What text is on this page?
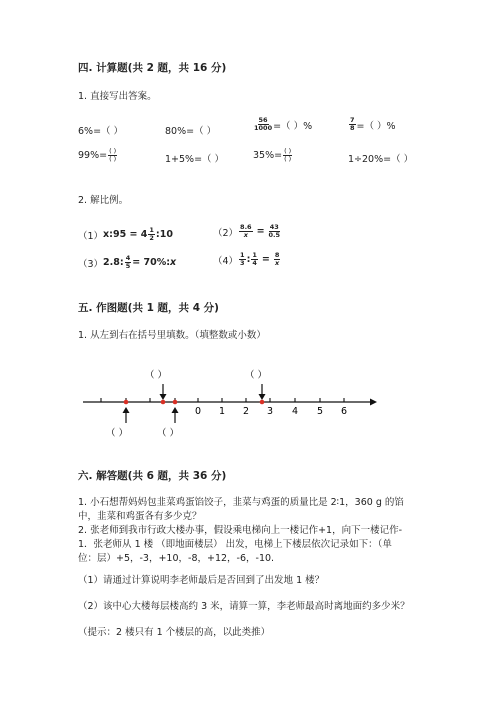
四. 计算题(共 2 题，共 16 分)
1. 直接写出答案。
6%=（ ）	80%=（ ）	$\frac{56}{1000}$ =（ ）%	$\frac{7}{8}$ =（ ）%
$99\%= \frac{( )}{( )}$	1+5%=（ ）	$35\%= \frac{( )}{( )}$	1÷20%=（ ）
2. 解比例。
（1） x:95 = $4 \frac{1}{2}$ :10	$(2) \frac{8.6}{x} = \frac{43}{0.5}$
（3） 2.8: $\frac{4}{5} = 70\%$: x	$(4) \frac{1}{3}$ : $\frac{1}{4} = \frac{8}{x}$
五. 作图题(共 1 题，共 4 分)
1. 从左到右在括号里填数。（填整数或小数）
（ ）	（ ）
（ ）	（ ）
0 1 2 3 4 5 6
六. 解答题(共 6 题，共 36 分)
1. 小石想帮妈妈包韭菜鸡蛋馅饺子，韭菜与鸡蛋的质量比是 2∶1，360 g 的馅
中，韭菜和鸡蛋各有多少克？
2. 张老师到我市行政大楼办事，假设乘电梯向上一楼记作+1，向下一楼记作-
1．张老师从 1 楼 （即地面楼层） 出发，电梯上下楼层依次记录如下：（单
位：层）+5，-3，+10，-8，+12，-6，-10.
（1）请通过计算说明李老师最后是否回到了出发地 1 楼？
（2）该中心大楼每层楼高约 3 米，请算一算，李老师最高时离地面约多少米？
（提示：2 楼只有 1 个楼层的高，以此类推）
